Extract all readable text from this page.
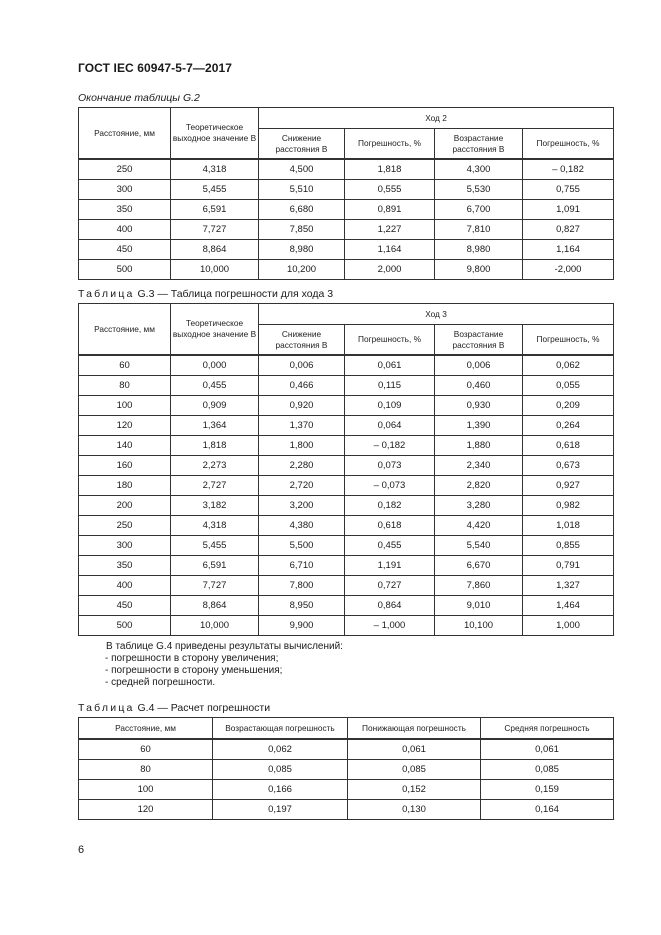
ГОСТ IEC 60947-5-7—2017
Окончание таблицы G.2
Расстояние, мм	Теоретическое выходное значение В	Ход 2			
		Снижение расстояния В	Погрешность, %	Возрастание расстояния В	Погрешность, %
250	4,318	4,500	1,818	4,300	– 0,182
300	5,455	5,510	0,555	5,530	0,755
350	6,591	6,680	0,891	6,700	1,091
400	7,727	7,850	1,227	7,810	0,827
450	8,864	8,980	1,164	8,980	1,164
500	10,000	10,200	2,000	9,800	-2,000
Таблица G.3 — Таблица погрешности для хода 3
Расстояние, мм	Теоретическое выходное значение В	Ход 3			
		Снижение расстояния В	Погрешность, %	Возрастание расстояния В	Погрешность, %
60	0,000	0,006	0,061	0,006	0,062
80	0,455	0,466	0,115	0,460	0,055
100	0,909	0,920	0,109	0,930	0,209
120	1,364	1,370	0,064	1,390	0,264
140	1,818	1,800	– 0,182	1,880	0,618
160	2,273	2,280	0,073	2,340	0,673
180	2,727	2,720	– 0,073	2,820	0,927
200	3,182	3,200	0,182	3,280	0,982
250	4,318	4,380	0,618	4,420	1,018
300	5,455	5,500	0,455	5,540	0,855
350	6,591	6,710	1,191	6,670	0,791
400	7,727	7,800	0,727	7,860	1,327
450	8,864	8,950	0,864	9,010	1,464
500	10,000	9,900	– 1,000	10,100	1,000
В таблице G.4 приведены результаты вычислений:
- погрешности в сторону увеличения;
- погрешности в сторону уменьшения;
- средней погрешности.
Таблица G.4 — Расчет погрешности
Расстояние, мм	Возрастающая погрешность	Понижающая погрешность	Средняя погрешность
60	0,062	0,061	0,061
80	0,085	0,085	0,085
100	0,166	0,152	0,159
120	0,197	0,130	0,164
6
